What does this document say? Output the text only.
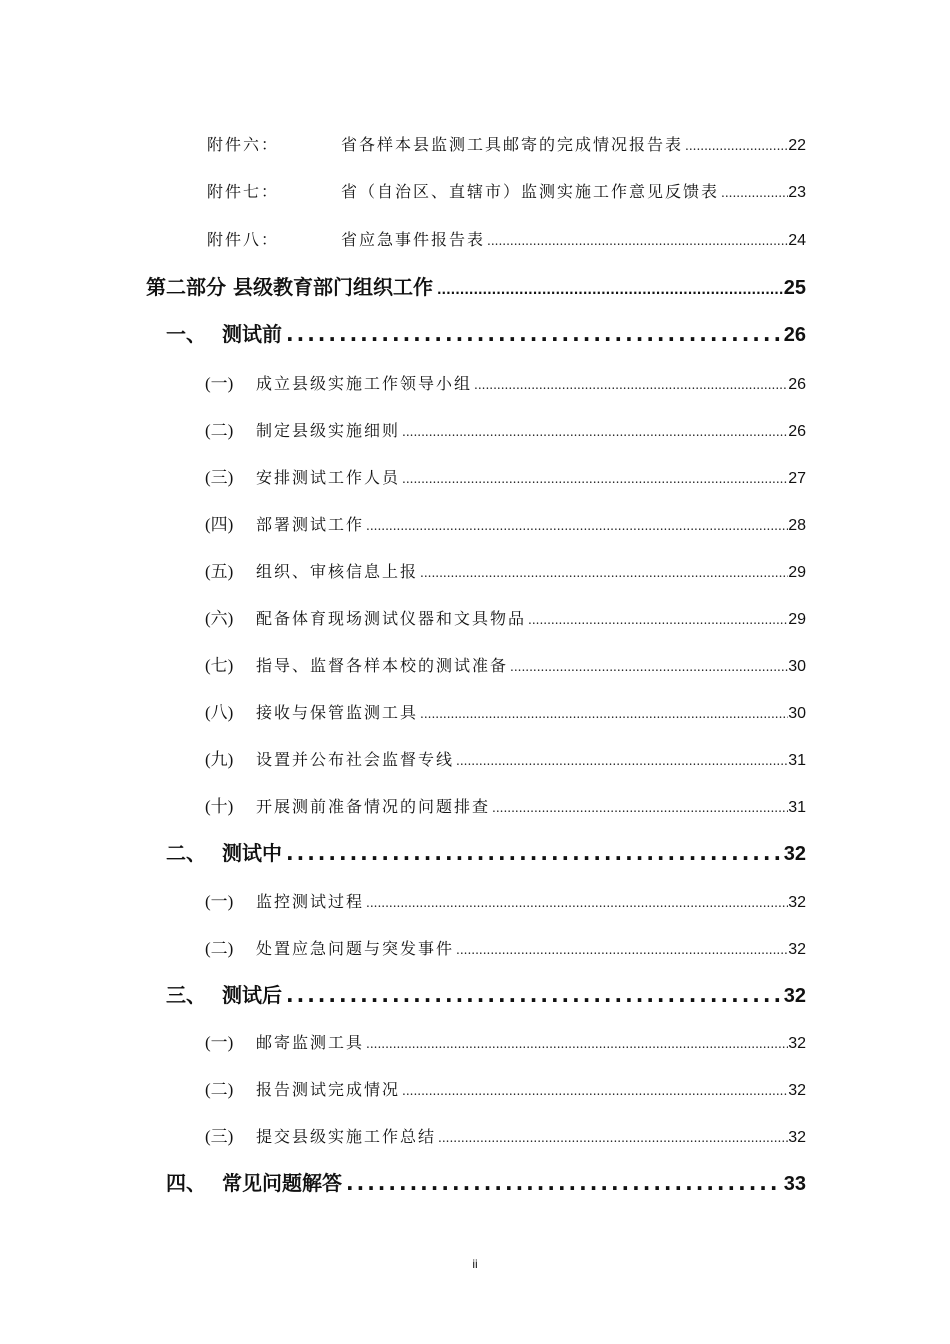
附件六：	省各样本县监测工具邮寄的完成情况报告表 .....	22
附件七：	省（自治区、直辖市）监测实施工作意见反馈表 .....	23
附件八：	省应急事件报告表 .....	24
第二部分 县级教育部门组织工作 .....	25
一、 测试前 .....	26
(一)	成立县级实施工作领导小组 .....	26
(二)	制定县级实施细则 .....	26
(三)	安排测试工作人员 .....	27
(四)	部署测试工作 .....	28
(五)	组织、审核信息上报 .....	29
(六)	配备体育现场测试仪器和文具物品 .....	29
(七)	指导、监督各样本校的测试准备 .....	30
(八)	接收与保管监测工具 .....	30
(九)	设置并公布社会监督专线 .....	31
(十)	开展测前准备情况的问题排查 .....	31
二、 测试中 .....	32
(一)	监控测试过程 .....	32
(二)	处置应急问题与突发事件 .....	32
三、 测试后 .....	32
(一)	邮寄监测工具 .....	32
(二)	报告测试完成情况 .....	32
(三)	提交县级实施工作总结 .....	32
四、 常见问题解答 .....	33
ii
